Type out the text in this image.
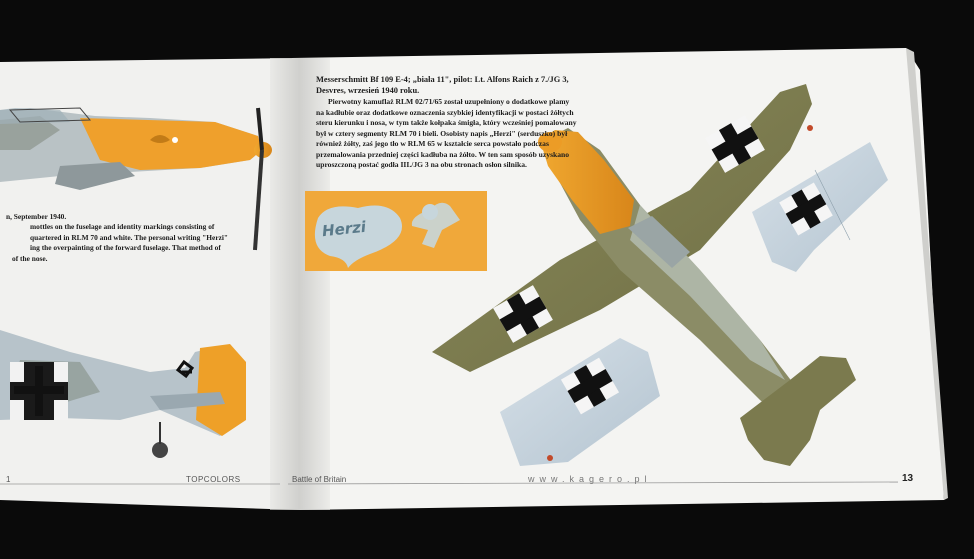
Messerschmitt Bf 109 E-4; „biała 11", pilot: Lt. Alfons Raich z 7./JG 3, Desvres, wrzesień 1940 roku.
Pierwotny kamuflaż RLM 02/71/65 został uzupełniony o dodatkowe plamy na kadłubie oraz dodatkowe oznaczenia szybkiej identyfikacji w postaci żółtych steru kierunku i nosa, w tym także kołpaka śmigła, który wcześniej pomalowany był w cztery segmenty RLM 70 i bieli. Osobisty napis „Herzi" (serduszko) był również żółty, zaś jego tło w RLM 65 w kształcie serca powstało podczas przemalowania przedniej części kadłuba na żółto. W ten sam sposób uzyskano uproszczoną postać godła III./JG 3 na obu stronach osłon silnika.
n, September 1940.
mottles on the fuselage and identity markings consisting of
quartered in RLM 70 and white. The personal writing "Herzi"
ing the overpainting of the forward fuselage. That method of
of the nose.
Herzi
1	TOPCOLORS	Battle of Britain	www.kagero.pl	13
